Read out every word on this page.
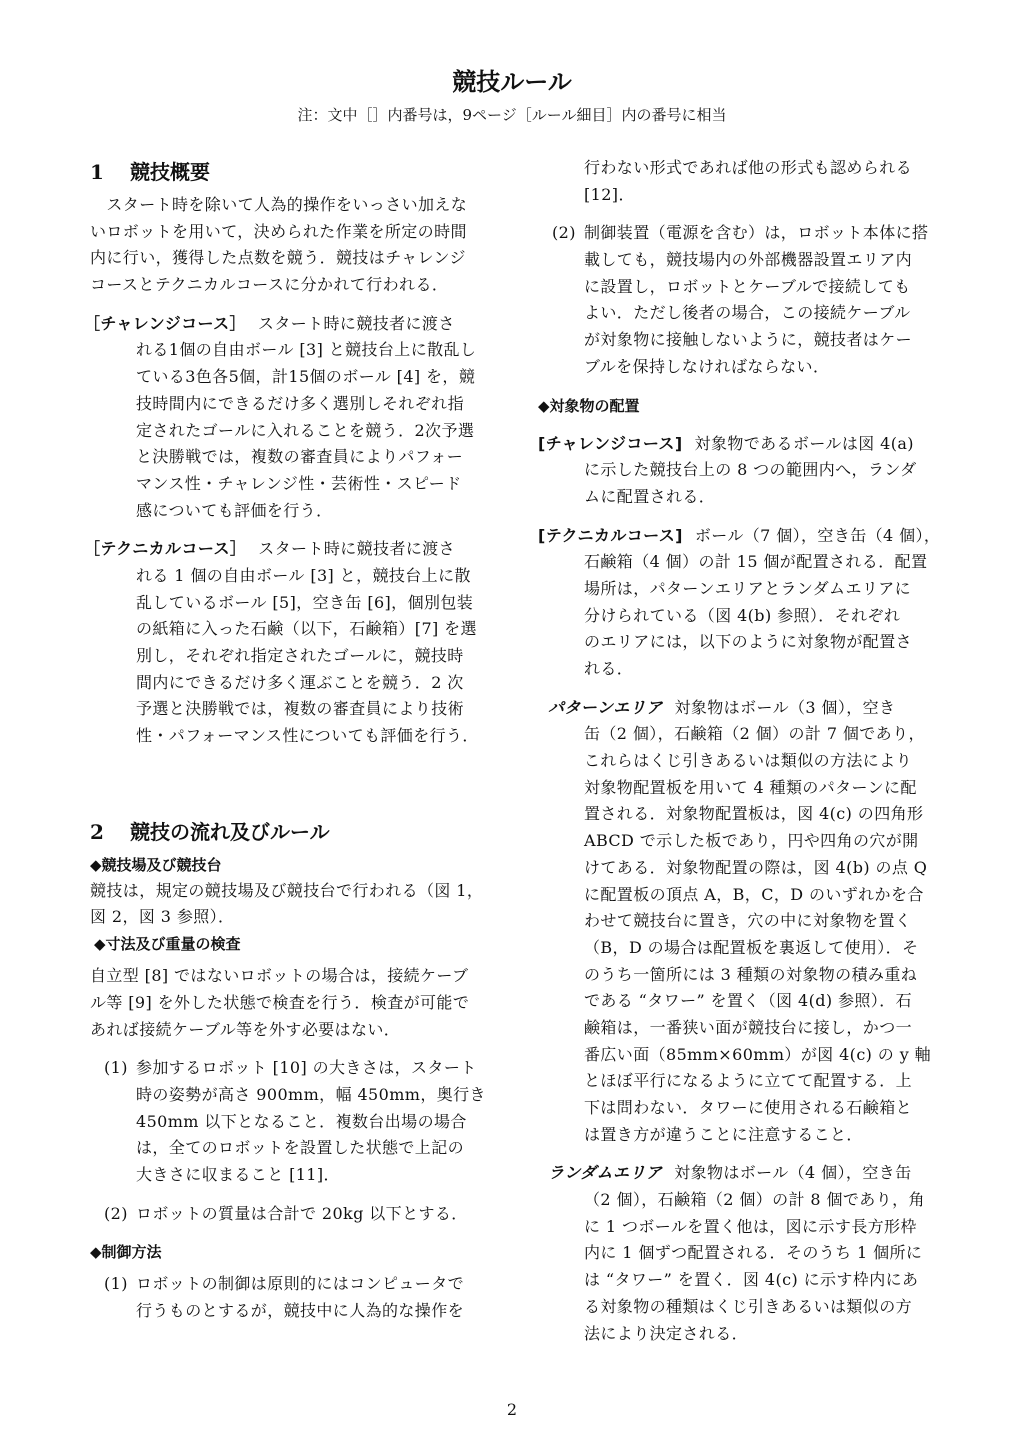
競技ルール
注：文中［］内番号は，9ページ［ルール細目］内の番号に相当
1 競技概要
　スタート時を除いて人為的操作をいっさい加えな
いロボットを用いて，決められた作業を所定の時間
内に行い，獲得した点数を競う．競技はチャレンジ
コースとテクニカルコースに分かれて行われる．
［チャレンジコース］ スタート時に競技者に渡さ
れる1個の自由ボール [3] と競技台上に散乱し
ている3色各5個，計15個のボール [4] を，競
技時間内にできるだけ多く選別しそれぞれ指
定されたゴールに入れることを競う．2次予選
と決勝戦では，複数の審査員によりパフォー
マンス性・チャレンジ性・芸術性・スピード
感についても評価を行う．
［テクニカルコース］ スタート時に競技者に渡さ
れる 1 個の自由ボール [3] と，競技台上に散
乱しているボール [5]，空き缶 [6]，個別包装
の紙箱に入った石鹸（以下，石鹸箱）[7] を選
別し，それぞれ指定されたゴールに，競技時
間内にできるだけ多く運ぶことを競う．2 次
予選と決勝戦では，複数の審査員により技術
性・パフォーマンス性についても評価を行う．
2 競技の流れ及びルール
◆競技場及び競技台
競技は，規定の競技場及び競技台で行われる（図 1，
図 2，図 3 参照）．
◆寸法及び重量の検査
自立型 [8] ではないロボットの場合は，接続ケーブ
ル等 [9] を外した状態で検査を行う．検査が可能で
あれば接続ケーブル等を外す必要はない．
(1) 参加するロボット [10] の大きさは，スタート
時の姿勢が高さ 900mm，幅 450mm，奥行き
450mm 以下となること．複数台出場の場合
は，全てのロボットを設置した状態で上記の
大きさに収まること [11]．
(2) ロボットの質量は合計で 20kg 以下とする．
◆制御方法
(1) ロボットの制御は原則的にはコンピュータで
行うものとするが，競技中に人為的な操作を
行わない形式であれば他の形式も認められる
[12]．
(2) 制御装置（電源を含む）は，ロボット本体に搭
載しても，競技場内の外部機器設置エリア内
に設置し，ロボットとケーブルで接続しても
よい．ただし後者の場合，この接続ケーブル
が対象物に接触しないように，競技者はケー
ブルを保持しなければならない．
◆対象物の配置
[チャレンジコース] 対象物であるボールは図 4(a)
に示した競技台上の 8 つの範囲内へ，ランダ
ムに配置される．
[テクニカルコース] ボール（7 個），空き缶（4 個），
石鹸箱（4 個）の計 15 個が配置される．配置
場所は，パターンエリアとランダムエリアに
分けられている（図 4(b) 参照）．それぞれ
のエリアには，以下のように対象物が配置さ
れる．
パターンエリア 対象物はボール（3 個），空き
缶（2 個），石鹸箱（2 個）の計 7 個であり，
これらはくじ引きあるいは類似の方法により
対象物配置板を用いて 4 種類のパターンに配
置される．対象物配置板は，図 4(c) の四角形
ABCD で示した板であり，円や四角の穴が開
けてある．対象物配置の際は，図 4(b) の点 Q
に配置板の頂点 A，B，C，D のいずれかを合
わせて競技台に置き，穴の中に対象物を置く
（B，D の場合は配置板を裏返して使用）．そ
のうち一箇所には 3 種類の対象物の積み重ね
である “タワー” を置く（図 4(d) 参照）．石
鹸箱は，一番狭い面が競技台に接し，かつ一
番広い面（85mm×60mm）が図 4(c) の y 軸
とほぼ平行になるように立てて配置する．上
下は問わない．タワーに使用される石鹸箱と
は置き方が違うことに注意すること．
ランダムエリア 対象物はボール（4 個），空き缶
（2 個），石鹸箱（2 個）の計 8 個であり，角
に 1 つボールを置く他は，図に示す長方形枠
内に 1 個ずつ配置される．そのうち 1 個所に
は “タワー” を置く．図 4(c) に示す枠内にあ
る対象物の種類はくじ引きあるいは類似の方
法により決定される．
2
